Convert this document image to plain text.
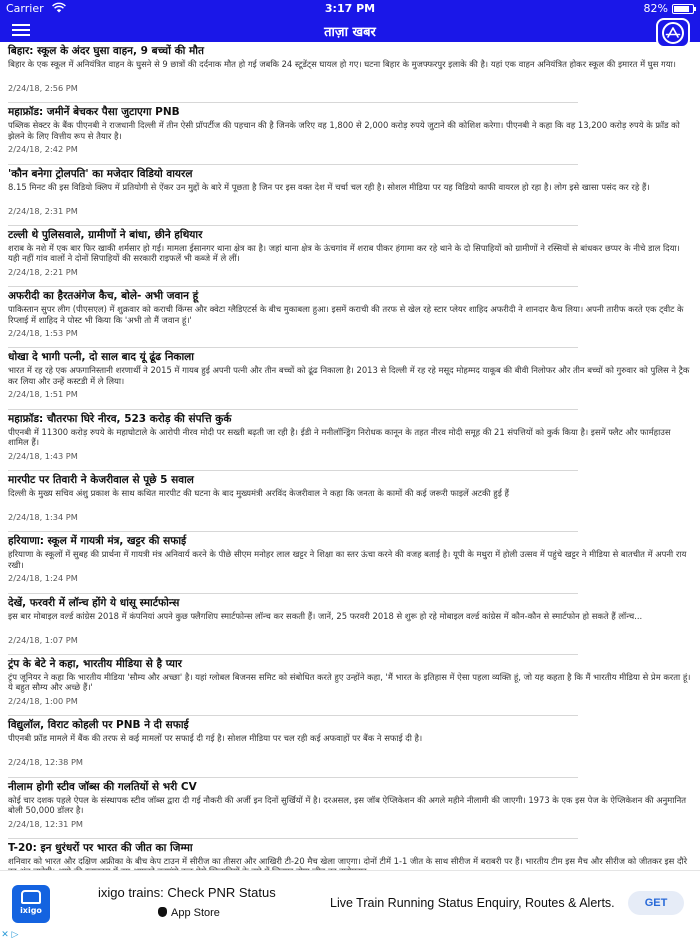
Carrier	3:17 PM	82%
ताज़ा खबर
बिहार: स्कूल के अंदर घुसा वाहन, 9 बच्चों की मौत
बिहार के एक स्कूल में अनियंत्रित वाहन के घुसने से 9 छात्रों की दर्दनाक मौत हो गई जबकि 24 स्टूडेंट्स घायल हो गए। घटना बिहार के मुजफ्फरपुर इलाके की है। यहां एक वाहन अनियंत्रित होकर स्कूल की इमारत में घुस गया।
2/24/18, 2:56 PM
महाफ्रॉड: जमीनें बेचकर पैसा जुटाएगा PNB
पब्लिक सेक्टर के बैंक पीएनबी ने राजधानी दिल्ली में तीन ऐसी प्रॉपर्टीज की पहचान की है जिनके जरिए वह 1,800 से 2,000 करोड़ रुपये जुटाने की कोशिश करेगा। पीएनबी ने कहा कि वह 13,200 करोड़ रुपये के फ्रॉड को झेलने के लिए वित्तीय रूप से तैयार है।
2/24/18, 2:42 PM
'कौन बनेगा ट्रोलपति' का मजेदार विडियो वायरल
8.15 मिनट की इस विडियो क्लिप में प्रतियोगी से ऐंकर उन मुद्दों के बारे में पूछता है जिन पर इस वक्त देश में चर्चा चल रही है। सोशल मीडिया पर यह विडियो काफी वायरल हो रहा है। लोग इसे खासा पसंद कर रहे हैं।
2/24/18, 2:31 PM
टल्ली थे पुलिसवाले, ग्रामीणों ने बांधा, छीने हथियार
शराब के नशे में एक बार फिर खाकी शर्मसार हो गई। मामला ईसानगर थाना क्षेत्र का है। जहां थाना क्षेत्र के ऊंचगांव में शराब पीकर हंगामा कर रहे थाने के दो सिपाहियों को ग्रामीणों ने रस्सियों से बांधकर छप्पर के नीचे डाल दिया। यही नहीं गांव वालों ने दोनों सिपाहियों की सरकारी राइफलें भी कब्जे में ले लीं।
2/24/18, 2:21 PM
अफरीदी का हैरतअंगेज कैच, बोले- अभी जवान हूं
पाकिस्तान सुपर लीग (पीएसएल) में शुक्रवार को कराची किंग्स और क्वेटा ग्लैडिएटर्स के बीच मुकाबला हुआ। इसमें कराची की तरफ से खेल रहे स्टार प्लेयर शाहिद अफरीदी ने शानदार कैच लिया। अपनी तारीफ करते एक ट्वीट के रिप्लाई में शाहिद ने पोस्ट भी किया कि 'अभी तो मैं जवान हूं।'
2/24/18, 1:53 PM
धोखा दे भागी पत्नी, दो साल बाद यूं ढूंढ निकाला
भारत में रह रहे एक अफगानिस्तानी शरणार्थी ने 2015 में गायब हुई अपनी पत्नी और तीन बच्चों को ढूंढ निकाला है। 2013 से दिल्ली में रह रहे मसूद मोहम्मद याकूब की बीवी निलोफर और तीन बच्चों को गुरुवार को पुलिस ने ट्रैक कर लिया और उन्हें कस्टडी में ले लिया।
2/24/18, 1:51 PM
महाफ्रॉड: चौतरफा घिरे नीरव, 523 करोड़ की संपत्ति कुर्क
पीएनबी में 11300 करोड़ रुपये के महाघोटाले के आरोपी नीरव मोदी पर सख्ती बढ़ती जा रही है। ईडी ने मनीलॉन्ड्रिंग निरोधक कानून के तहत नीरव मोदी समूह की 21 संपत्तियों को कुर्क किया है। इसमें फ्लैट और फार्महाउस शामिल हैं।
2/24/18, 1:43 PM
मारपीट पर तिवारी ने केजरीवाल से पूछे 5 सवाल
दिल्ली के मुख्य सचिव अंशु प्रकाश के साथ कथित मारपीट की घटना के बाद मुख्यमंत्री अरविंद केजरीवाल ने कहा कि जनता के कामों की कई जरूरी फाइलें अटकी हुई हैं
2/24/18, 1:34 PM
हरियाणा: स्कूल में गायत्री मंत्र, खट्टर की सफाई
हरियाणा के स्कूलों में सुबह की प्रार्थना में गायत्री मंत्र अनिवार्य करने के पीछे सीएम मनोहर लाल खट्टर ने शिक्षा का स्तर ऊंचा करने की वजह बताई है। यूपी के मथुरा में होली उत्सव में पहुंचे खट्टर ने मीडिया से बातचीत में अपनी राय रखी।
2/24/18, 1:24 PM
देखें, फरवरी में लॉन्च होंगे ये धांसू स्मार्टफोन्स
इस बार मोबाइल वर्ल्ड कांग्रेस 2018 में कंपनियां अपने कुछ फ्लैगशिप स्मार्टफोन्स लॉन्च कर सकती हैं। जानें, 25 फरवरी 2018 से शुरू हो रहे मोबाइल वर्ल्ड कांग्रेस में कौन-कौन से स्मार्टफोन हो सकते हैं लॉन्च...
2/24/18, 1:07 PM
ट्रंप के बेटे ने कहा, भारतीय मीडिया से है प्यार
ट्रंप जूनियर ने कहा कि भारतीय मीडिया 'सौम्य और अच्छा' है। यहां ग्लोबल बिजनस समिट को संबोधित करते हुए उन्होंने कहा, 'मैं भारत के इतिहास में ऐसा पहला व्यक्ति हूं, जो यह कहता है कि मैं भारतीय मीडिया से प्रेम करता हूं। ये बहुत सौम्य और अच्छे हैं।'
2/24/18, 1:00 PM
विद्युलॉल, विराट कोहली पर PNB ने दी सफाई
पीएनबी फ्रॉड मामले में बैंक की तरफ से कई मामलों पर सफाई दी गई है। सोशल मीडिया पर चल रही कई अफवाहों पर बैंक ने सफाई दी है।
2/24/18, 12:38 PM
नीलाम होगी स्टीव जॉब्स की गलतियों से भरी CV
कोई चार दशक पहले ऐपल के संस्थापक स्टीव जॉब्स द्वारा दी गई नौकरी की अर्जी इन दिनों सुर्खियों में है। दरअसल, इस जॉब ऐप्लिकेशन की अगले महीने नीलामी की जाएगी। 1973 के एक इस पेज के ऐप्लिकेशन की अनुमानित बोली 50,000 डॉलर है।
2/24/18, 12:31 PM
T-20: इन धुरंधरों पर भारत की जीत का जिम्मा
शनिवार को भारत और दक्षिण अफ्रीका के बीच केप टाउन में सीरीज का तीसरा और आखिरी टी-20 मैच खेला जाएगा। दोनों टीमें 1-1 जीत के साथ सीरीज में बराबरी पर हैं। भारतीय टीम इस मैच और सीरीज को जीतकर इस दौरे
ixigo
ixigo trains: Check PNR Status
App Store
Live Train Running Status Enquiry, Routes & Alerts.	GET
✕ ▷
